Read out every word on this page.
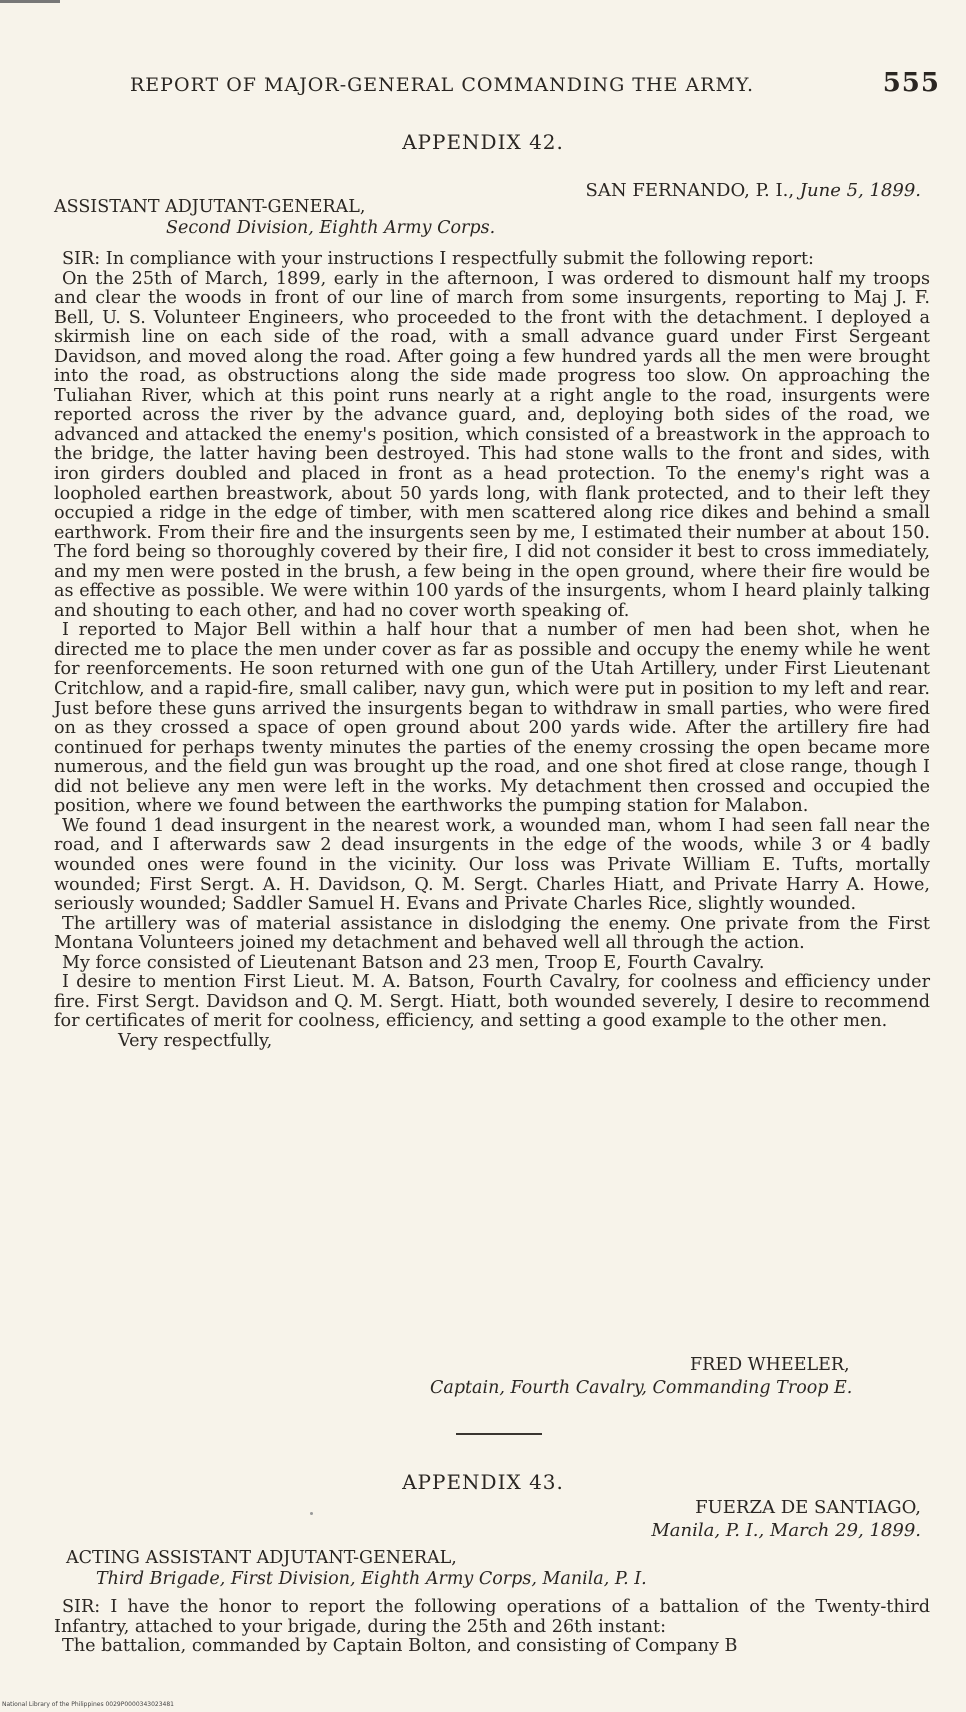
REPORT OF MAJOR-GENERAL COMMANDING THE ARMY.	555
APPENDIX 42.
SAN FERNANDO, P. I., June 5, 1899.
ASSISTANT ADJUTANT-GENERAL,
Second Division, Eighth Army Corps.

SIR: In compliance with your instructions I respectfully submit the following report:

On the 25th of March, 1899, early in the afternoon, I was ordered to dismount half my troops and clear the woods in front of our line of march from some insurgents, reporting to Maj J. F. Bell, U. S. Volunteer Engineers, who proceeded to the front with the detachment. I deployed a skirmish line on each side of the road, with a small advance guard under First Sergeant Davidson, and moved along the road. After going a few hundred yards all the men were brought into the road, as obstructions along the side made progress too slow. On approaching the Tuliahan River, which at this point runs nearly at a right angle to the road, insurgents were reported across the river by the advance guard, and, deploying both sides of the road, we advanced and attacked the enemy's position, which consisted of a breastwork in the approach to the bridge, the latter having been destroyed. This had stone walls to the front and sides, with iron girders doubled and placed in front as a head protection. To the enemy's right was a loopholed earthen breastwork, about 50 yards long, with flank protected, and to their left they occupied a ridge in the edge of timber, with men scattered along rice dikes and behind a small earthwork. From their fire and the insurgents seen by me, I estimated their number at about 150. The ford being so thoroughly covered by their fire, I did not consider it best to cross immediately, and my men were posted in the brush, a few being in the open ground, where their fire would be as effective as possible. We were within 100 yards of the insurgents, whom I heard plainly talking and shouting to each other, and had no cover worth speaking of.

I reported to Major Bell within a half hour that a number of men had been shot, when he directed me to place the men under cover as far as possible and occupy the enemy while he went for reenforcements. He soon returned with one gun of the Utah Artillery, under First Lieutenant Critchlow, and a rapid-fire, small caliber, navy gun, which were put in position to my left and rear. Just before these guns arrived the insurgents began to withdraw in small parties, who were fired on as they crossed a space of open ground about 200 yards wide. After the artillery fire had continued for perhaps twenty minutes the parties of the enemy crossing the open became more numerous, and the field gun was brought up the road, and one shot fired at close range, though I did not believe any men were left in the works. My detachment then crossed and occupied the position, where we found between the earthworks the pumping station for Malabon.

We found 1 dead insurgent in the nearest work, a wounded man, whom I had seen fall near the road, and I afterwards saw 2 dead insurgents in the edge of the woods, while 3 or 4 badly wounded ones were found in the vicinity. Our loss was Private William E. Tufts, mortally wounded; First Sergt. A. H. Davidson, Q. M. Sergt. Charles Hiatt, and Private Harry A. Howe, seriously wounded; Saddler Samuel H. Evans and Private Charles Rice, slightly wounded.

The artillery was of material assistance in dislodging the enemy. One private from the First Montana Volunteers joined my detachment and behaved well all through the action.

My force consisted of Lieutenant Batson and 23 men, Troop E, Fourth Cavalry.

I desire to mention First Lieut. M. A. Batson, Fourth Cavalry, for coolness and efficiency under fire. First Sergt. Davidson and Q. M. Sergt. Hiatt, both wounded severely, I desire to recommend for certificates of merit for coolness, efficiency, and setting a good example to the other men.

Very respectfully,

FRED WHEELER,
Captain, Fourth Cavalry, Commanding Troop E.
APPENDIX 43.
FUERZA DE SANTIAGO,
Manila, P. I., March 29, 1899.
ACTING ASSISTANT ADJUTANT-GENERAL,
Third Brigade, First Division, Eighth Army Corps, Manila, P. I.

SIR: I have the honor to report the following operations of a battalion of the Twenty-third Infantry, attached to your brigade, during the 25th and 26th instant:

The battalion, commanded by Captain Bolton, and consisting of Company B

National Library of the Philippines 0029P0000343023481
